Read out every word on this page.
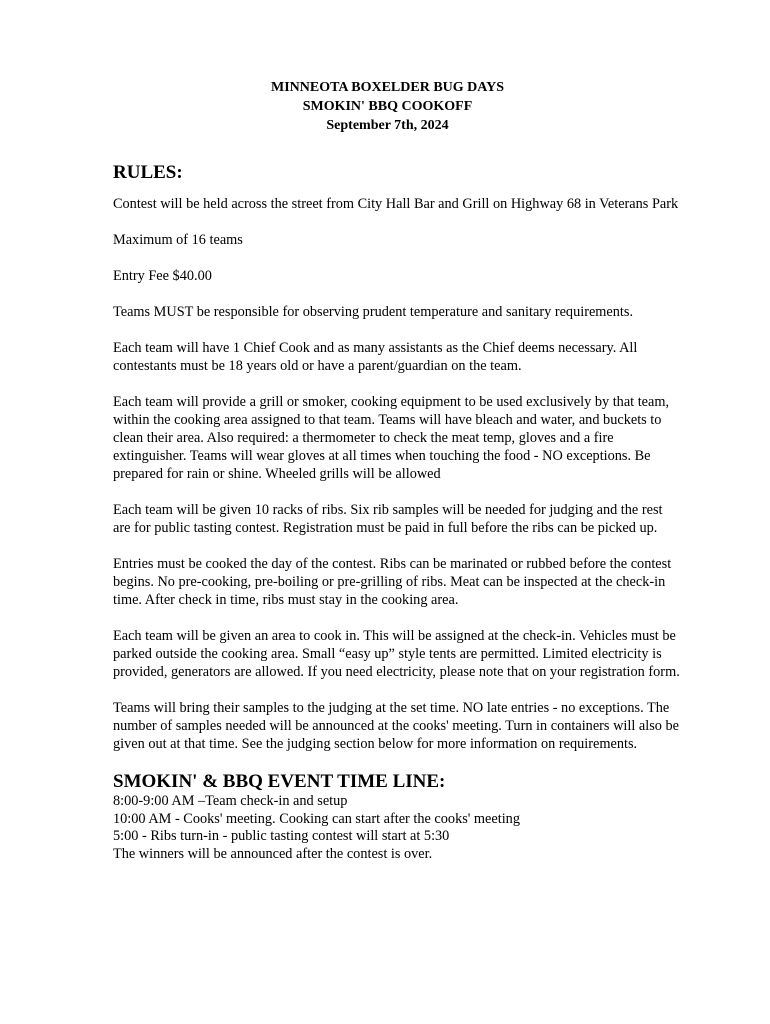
MINNEOTA BOXELDER BUG DAYS
SMOKIN' BBQ COOKOFF
September 7th, 2024
RULES:

Contest will be held across the street from City Hall Bar and Grill on Highway 68 in Veterans Park

Maximum of 16 teams

Entry Fee $40.00

Teams MUST be responsible for observing prudent temperature and sanitary requirements.

Each team will have 1 Chief Cook and as many assistants as the Chief deems necessary. All contestants must be 18 years old or have a parent/guardian on the team.

Each team will provide a grill or smoker, cooking equipment to be used exclusively by that team, within the cooking area assigned to that team. Teams will have bleach and water, and buckets to clean their area. Also required: a thermometer to check the meat temp, gloves and a fire extinguisher. Teams will wear gloves at all times when touching the food - NO exceptions. Be prepared for rain or shine. Wheeled grills will be allowed

Each team will be given 10 racks of ribs. Six rib samples will be needed for judging and the rest are for public tasting contest. Registration must be paid in full before the ribs can be picked up.

Entries must be cooked the day of the contest. Ribs can be marinated or rubbed before the contest begins. No pre-cooking, pre-boiling or pre-grilling of ribs. Meat can be inspected at the check-in time. After check in time, ribs must stay in the cooking area.

Each team will be given an area to cook in. This will be assigned at the check-in. Vehicles must be parked outside the cooking area. Small “easy up” style tents are permitted. Limited electricity is provided, generators are allowed. If you need electricity, please note that on your registration form.

Teams will bring their samples to the judging at the set time. NO late entries - no exceptions. The number of samples needed will be announced at the cooks' meeting. Turn in containers will also be given out at that time. See the judging section below for more information on requirements.

SMOKIN' & BBQ EVENT TIME LINE:

8:00-9:00 AM –Team check-in and setup

10:00 AM - Cooks' meeting. Cooking can start after the cooks' meeting

5:00 - Ribs turn-in - public tasting contest will start at 5:30

The winners will be announced after the contest is over.
